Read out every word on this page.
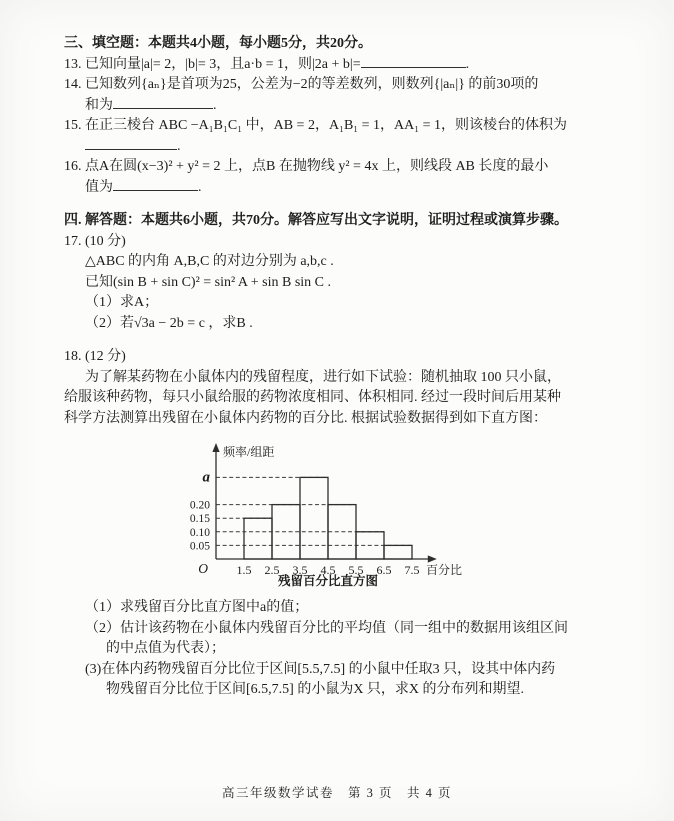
三、填空题：本题共4小题，每小题5分，共20分。

13. 已知向量|a|= 2，|b|= 3，且a·b = 1，则|2a + b|=	.

14. 已知数列{aₙ}是首项为25，公差为−2的等差数列，则数列{|aₙ|} 的前30项的

和为	.

15. 在正三棱台 ABC −A₁B₁C₁ 中，AB = 2，A₁B₁ = 1，AA₁ = 1，则该棱台的体积为

.

16. 点A在圆(x−3)² + y² = 2 上，点B 在抛物线 y² = 4x 上，则线段 AB 长度的最小

值为	.

四. 解答题：本题共6小题，共70分。解答应写出文字说明，证明过程或演算步骤。

17. (10 分)

△ABC 的内角 A,B,C 的对边分别为 a,b,c .

已知(sin B + sin C)² = sin² A + sin B sin C .

（1）求A；

（2）若√3a − 2b = c ，求B .

18. (12 分)

为了解某药物在小鼠体内的残留程度，进行如下试验：随机抽取 100 只小鼠，

给服该种药物，每只小鼠给服的药物浓度相同、体积相同. 经过一段时间后用某种

科学方法测算出残留在小鼠体内药物的百分比. 根据试验数据得到如下直方图：

a
0.20
0.15
0.10
0.05
O 1.5 2.5 3.5 4.5 5.5 6.5 7.5 百分比
频率/组距
残留百分比直方图

（1）求残留百分比直方图中a的值；

（2）估计该药物在小鼠体内残留百分比的平均值（同一组中的数据用该组区间

的中点值为代表）；

(3)在体内药物残留百分比位于区间[5.5,7.5] 的小鼠中任取3 只，设其中体内药

物残留百分比位于区间[6.5,7.5] 的小鼠为X 只，求X 的分布列和期望.

高三年级数学试卷　第 3 页　共 4 页
